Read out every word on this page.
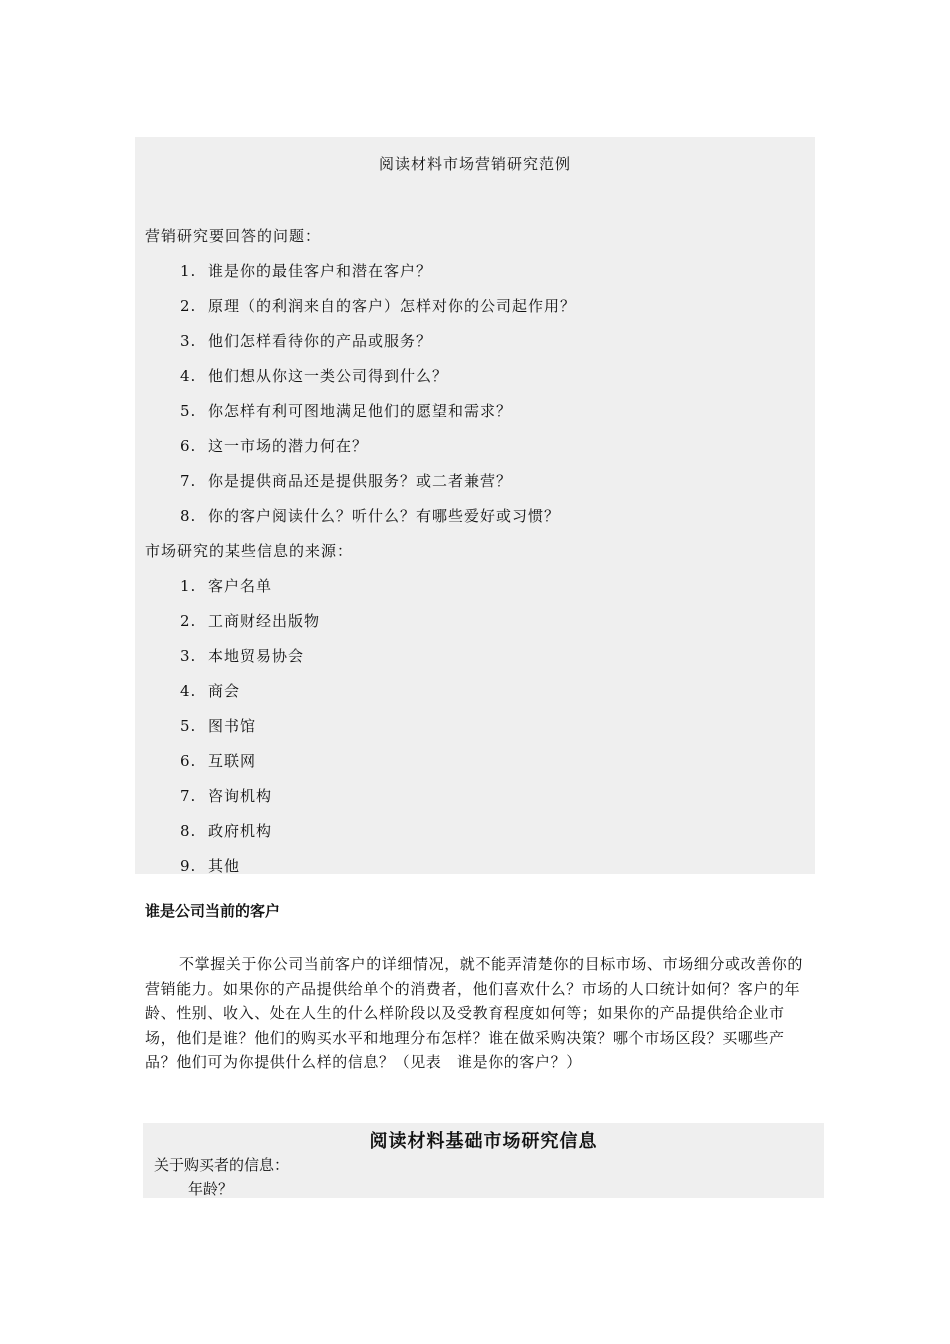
阅读材料市场营销研究范例
营销研究要回答的问题：
1. 谁是你的最佳客户和潜在客户？
2. 原理（的利润来自的客户）怎样对你的公司起作用？
3. 他们怎样看待你的产品或服务？
4. 他们想从你这一类公司得到什么？
5. 你怎样有利可图地满足他们的愿望和需求？
6. 这一市场的潜力何在？
7. 你是提供商品还是提供服务？或二者兼营？
8. 你的客户阅读什么？听什么？有哪些爱好或习惯？
市场研究的某些信息的来源：
1. 客户名单
2. 工商财经出版物
3. 本地贸易协会
4. 商会
5. 图书馆
6. 互联网
7. 咨询机构
8. 政府机构
9. 其他
谁是公司当前的客户
不掌握关于你公司当前客户的详细情况，就不能弄清楚你的目标市场、市场细分或改善你的营销能力。如果你的产品提供给单个的消费者，他们喜欢什么？市场的人口统计如何？客户的年龄、性别、收入、处在人生的什么样阶段以及受教育程度如何等；如果你的产品提供给企业市场，他们是谁？他们的购买水平和地理分布怎样？谁在做采购决策？哪个市场区段？买哪些产品？他们可为你提供什么样的信息？（见表　谁是你的客户？）
阅读材料基础市场研究信息
关于购买者的信息：
年龄？
